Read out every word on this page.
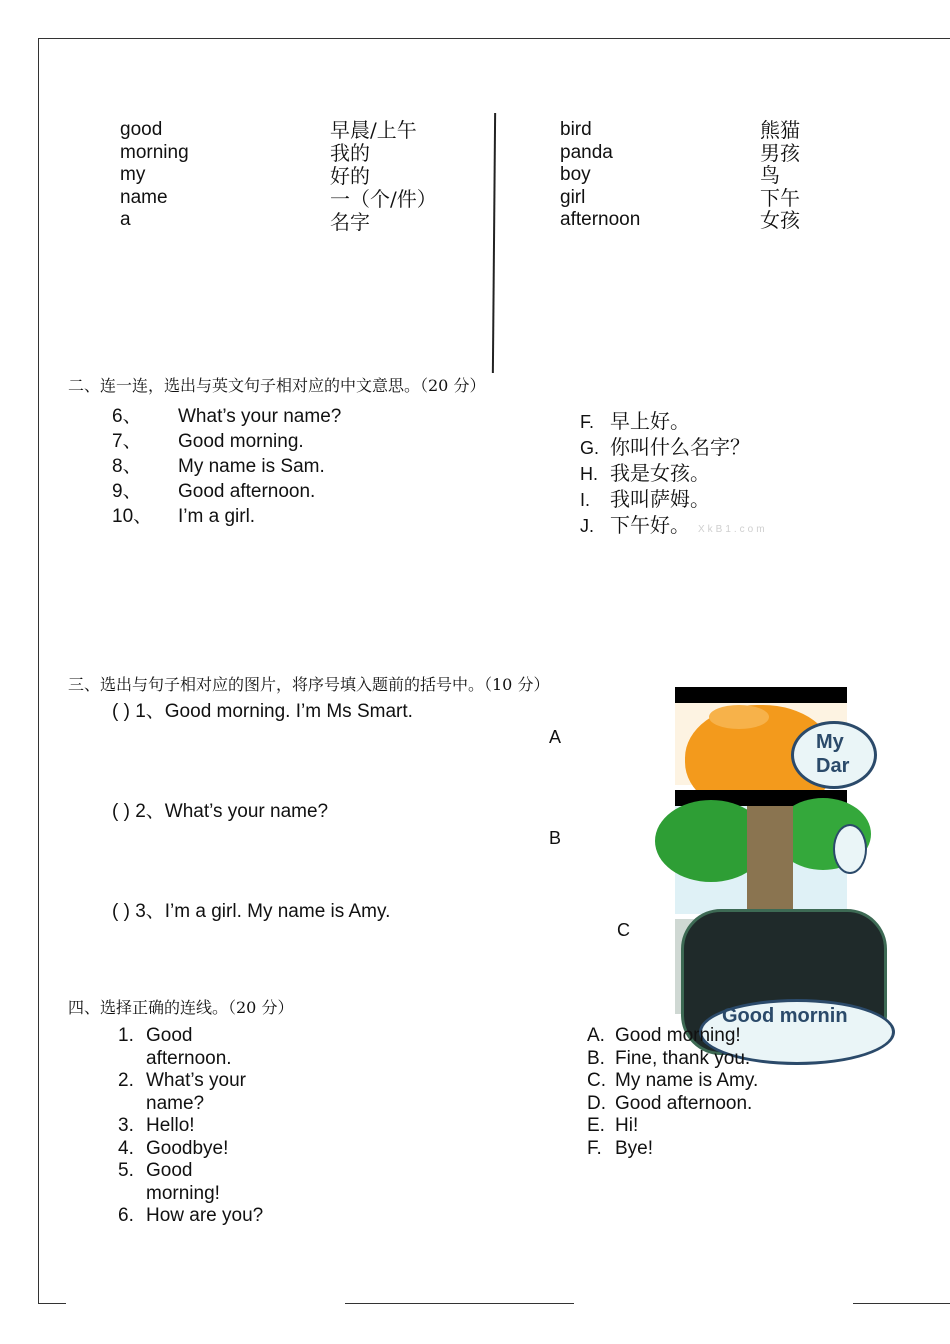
good
morning
my
name
a
早晨/上午
我的
好的
一（个/件）
名字
bird
panda
boy
girl
afternoon
熊猫
男孩
鸟
下午
女孩
二、连一连，选出与英文句子相对应的中文意思。（20 分）
6、 What’s your name?
7、 Good morning.
8、 My name is Sam.
9、 Good afternoon.
10、 I’m a girl.
F. 早上好。
G. 你叫什么名字？
H. 我是女孩。
I. 我叫萨姆。
J. 下午好。 XkB1.com
三、选出与句子相对应的图片，将序号填入题前的括号中。（10 分）
( ) 1、Good morning. I’m Ms Smart.
( ) 2、What’s your name?
( ) 3、I’m a girl. My name is Amy.
A
B
C
My
Dar
Good mornin
四、选择正确的连线。（20 分）
1. Good afternoon.
2. What’s your name?
3. Hello!
4. Goodbye!
5. Good morning!
6. How are you?
A. Good morning!
B. Fine, thank you.
C. My name is Amy.
D. Good afternoon.
E. Hi!
F. Bye!
